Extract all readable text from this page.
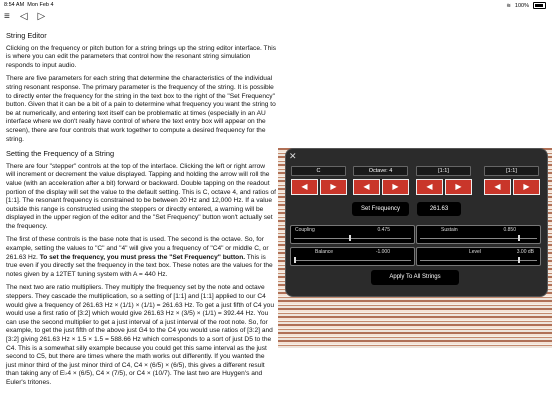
8:54 AM Mon Feb 4	≋ 100%
≡ ◁ ▷
String Editor

Clicking on the frequency or pitch button for a string brings up the string editor interface. This is where you can edit the parameters that control how the resonant string simulation responds to input audio.

There are five parameters for each string that determine the characteristics of the individual string resonant response. The primary parameter is the frequency of the string. It is possible to directly enter the frequency for the string in the text box to the right of the "Set Frequency" button. Given that it can be a bit of a pain to determine what frequency you want the string to be at numerically, and entering text itself can be problematic at times (especially in an AU interface where we don't really have control of where the text entry box will appear on the screen), there are four controls that work together to compute a desired frequency for the string.

Setting the Frequency of a String

There are four "stepper" controls at the top of the interface. Clicking the left or right arrow will increment or decrement the value displayed. Tapping and holding the arrow will roll the value (with an acceleration after a bit) forward or backward. Double tapping on the readout portion of the display will set the value to the default setting. This is C, octave 4, and ratios of [1:1]. The resonant frequency is constrained to be between 20 Hz and 12,000 Hz. If a value outside this range is constructed using the steppers or directly entered, a warning will be displayed in the upper region of the editor and the "Set Frequency" button won't actually set the frequency.

The first of these controls is the base note that is used. The second is the octave. So, for example, setting the values to "C" and "4" will give you a frequency of "C4" or middle C, or 261.63 Hz. To set the frequency, you must press the "Set Frequency" button. This is true even if you directly set the frequency in the text box. These notes are the values for the notes given by a 12TET tuning system with A = 440 Hz.

The next two are ratio multipliers. They multiply the frequency set by the note and octave steppers. They cascade the multiplication, so a setting of [1:1] and [1:1] applied to our C4 would give a frequency of 261.63 Hz × (1/1) × (1/1) = 261.63 Hz. To get a just fifth of C4 you would use a first ratio of [3:2] which would give 261.63 Hz × (3/5) × (1/1) = 392.44 Hz. You can use the second multiplier to get a just interval of a just interval of the root note. So, for example, to get the just fifth of the above just G4 to the C4 you would use ratios of [3:2] and [3:2] giving 261.63 Hz × 1.5 × 1.5 = 588.66 Hz which corresponds to a sort of just D5 to the C4. This is a somewhat silly example because you could get this same interval as the just second to C5, but there are times where the math works out differently. If you wanted the just minor third of the just minor third of C4, C4 × (6/5) × (6/5), this gives a different result than taking any of E♭4 × (6/5), C4 × (7/5), or C4 × (10/7). The last two are Huygen's and Euler's tritones.

✕
C
◀	▶
Octave: 4
◀	▶
[1:1]
◀	▶
[1:1]
◀	▶
Set Frequency	261.63
Coupling	0.475	Sustain	0.850
Balance	-1.000	Level	3.00 dB
Apply To All Strings
